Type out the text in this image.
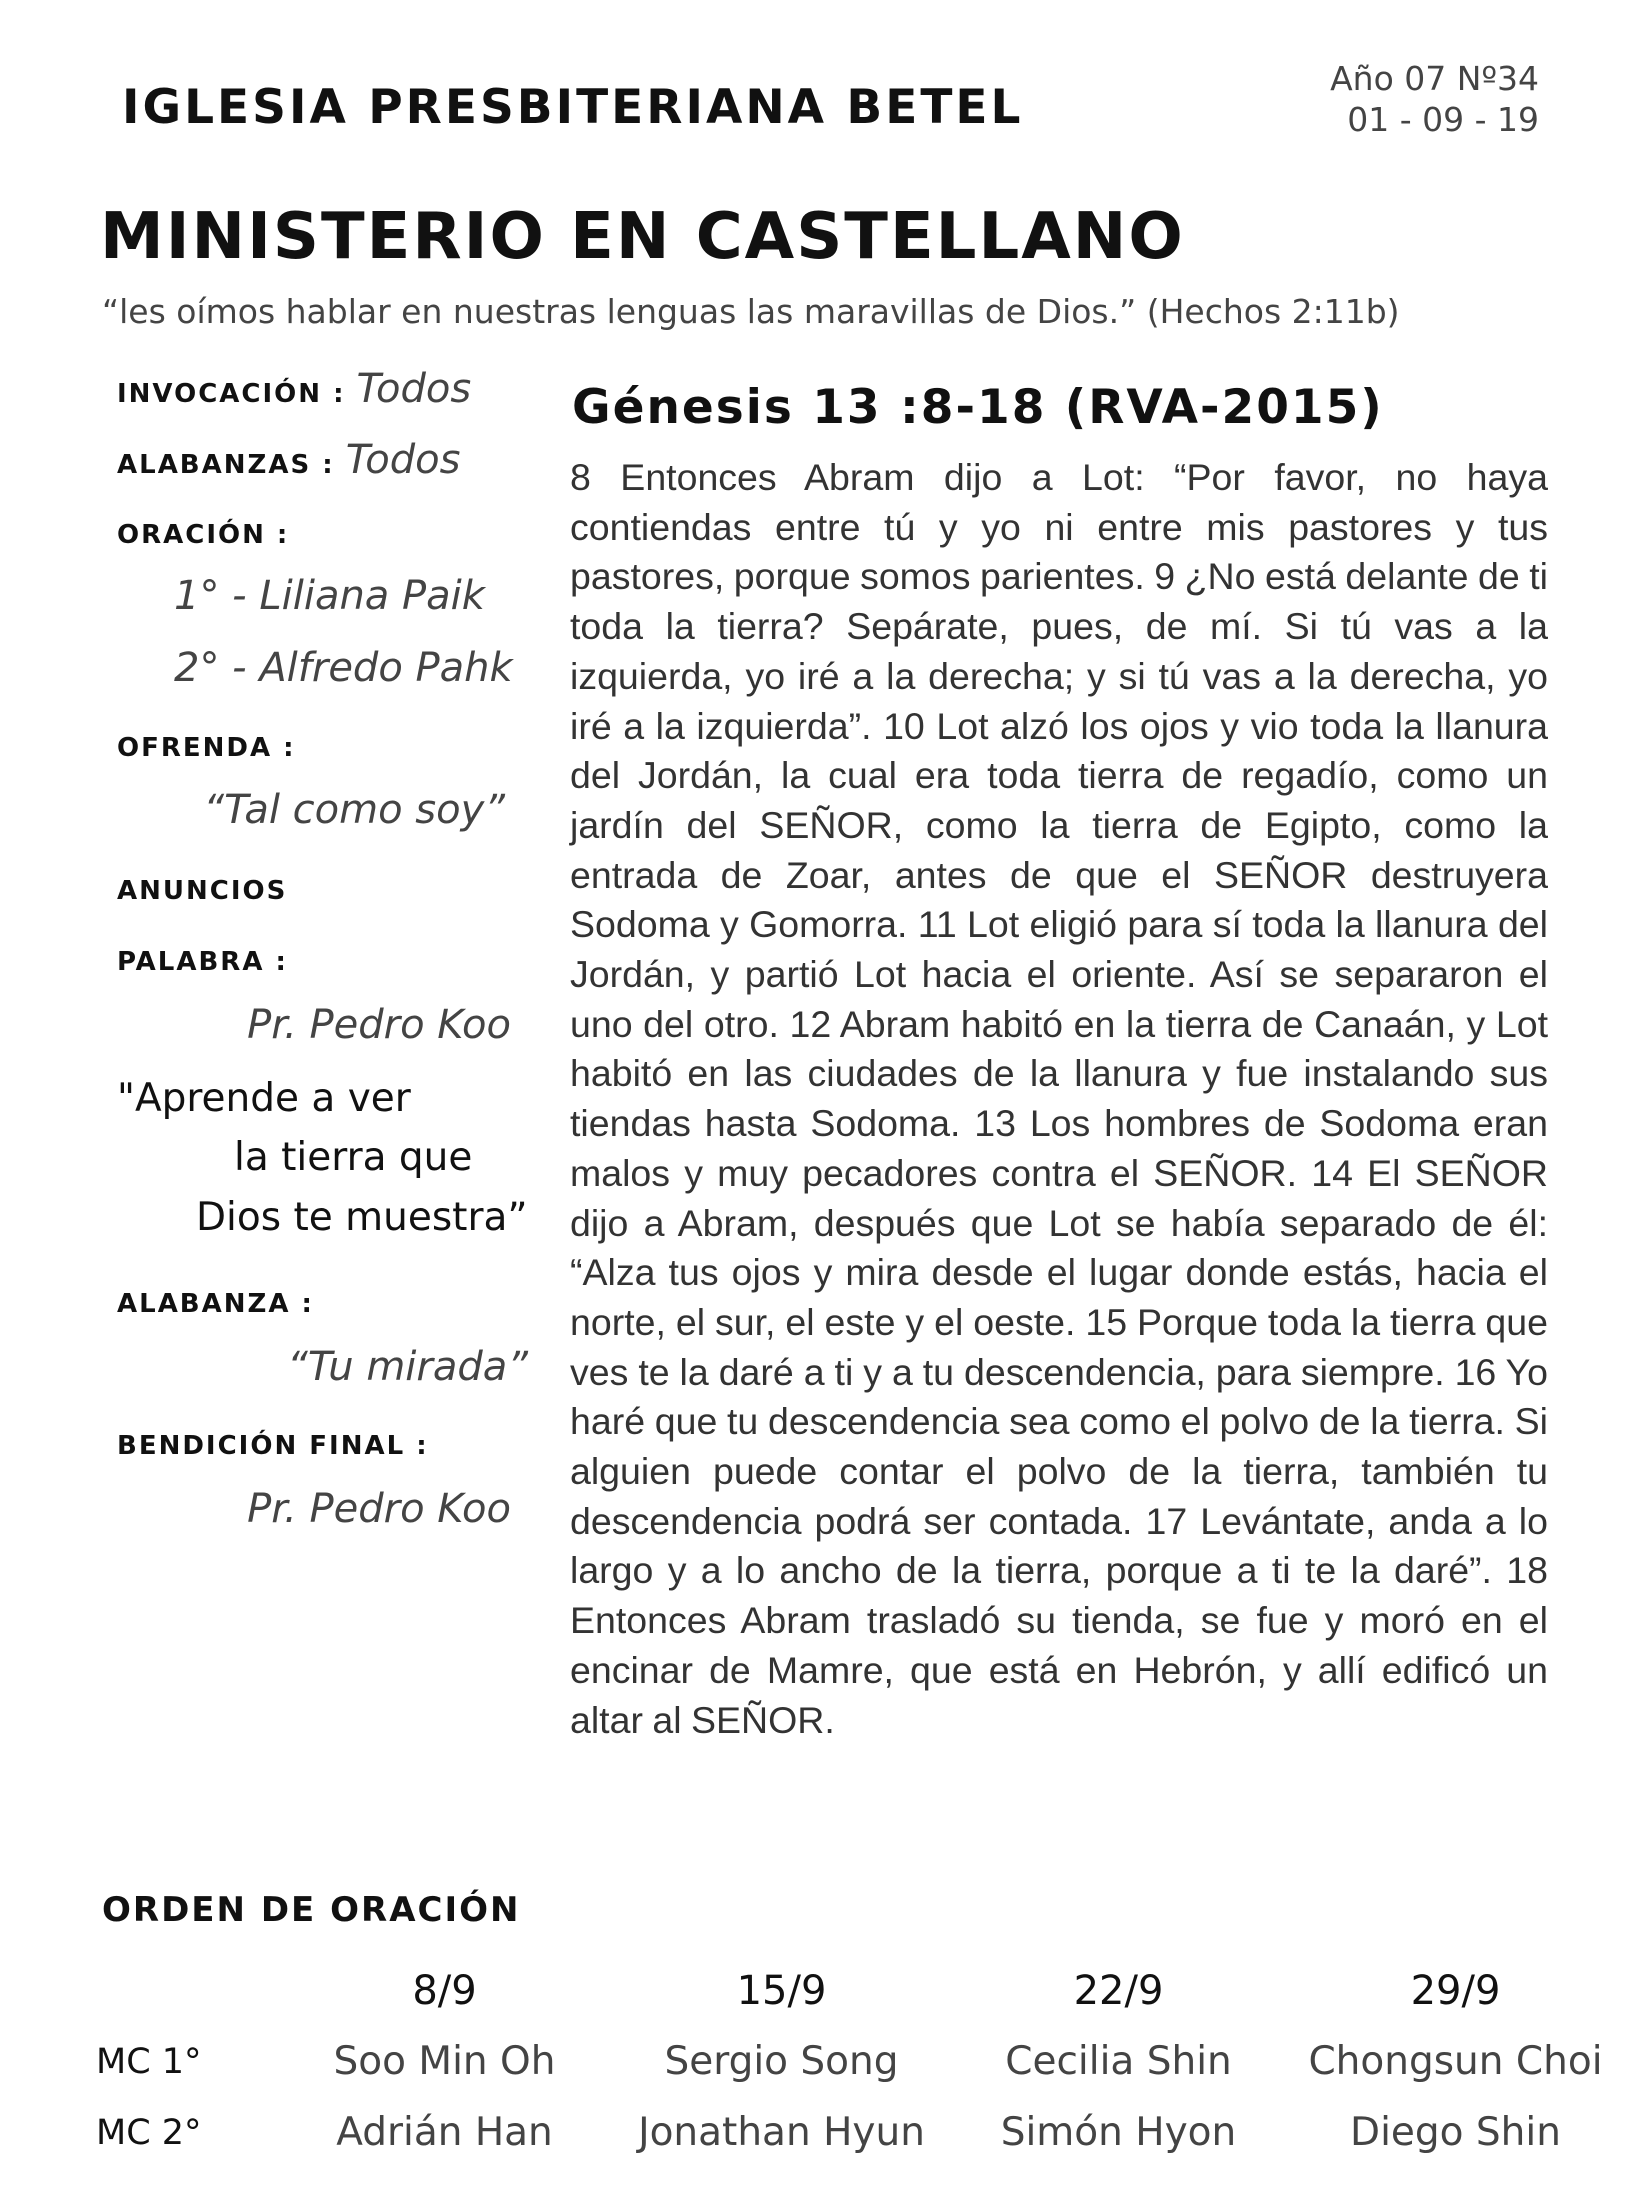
IGLESIA PRESBITERIANA BETEL
Año 07 Nº34
01 - 09 - 19
MINISTERIO EN CASTELLANO
“les oímos hablar en nuestras lenguas las maravillas de Dios.” (Hechos 2:11b)
INVOCACIÓN : Todos
ALABANZAS : Todos
ORACIÓN :
1° - Liliana Paik
2° - Alfredo Pahk
OFRENDA :
“Tal como soy”
ANUNCIOS
PALABRA :
Pr. Pedro Koo
"Aprende a ver
la tierra que
Dios te muestra”
ALABANZA :
“Tu mirada”
BENDICIÓN FINAL :
Pr. Pedro Koo
Génesis 13 :8-18 (RVA-2015)

8 Entonces Abram dijo a Lot: “Por favor, no haya contiendas entre tú y yo ni entre mis pastores y tus pastores, porque somos parientes. 9 ¿No está delante de ti toda la tierra? Sepárate, pues, de mí. Si tú vas a la izquierda, yo iré a la derecha; y si tú vas a la derecha, yo iré a la izquierda”. 10 Lot alzó los ojos y vio toda la llanura del Jordán, la cual era toda tierra de regadío, como un jardín del SEÑOR, como la tierra de Egipto, como la entrada de Zoar, antes de que el SEÑOR destruyera Sodoma y Gomorra. 11 Lot eligió para sí toda la llanura del Jordán, y partió Lot hacia el oriente. Así se separaron el uno del otro. 12 Abram habitó en la tierra de Canaán, y Lot habitó en las ciudades de la llanura y fue instalando sus tiendas hasta Sodoma. 13 Los hombres de Sodoma eran malos y muy pecadores contra el SEÑOR. 14 El SEÑOR dijo a Abram, después que Lot se había separado de él: “Alza tus ojos y mira desde el lugar donde estás, hacia el norte, el sur, el este y el oeste. 15 Porque toda la tierra que ves te la daré a ti y a tu descendencia, para siempre. 16 Yo haré que tu descendencia sea como el polvo de la tierra. Si alguien puede contar el polvo de la tierra, también tu descendencia podrá ser contada. 17 Levántate, anda a lo largo y a lo ancho de la tierra, porque a ti te la daré”. 18 Entonces Abram trasladó su tienda, se fue y moró en el encinar de Mamre, que está en Hebrón, y allí edificó un altar al SEÑOR.

ORDEN DE ORACIÓN
	8/9	15/9	22/9	29/9
MC 1°	Soo Min Oh	Sergio Song	Cecilia Shin	Chongsun Choi
MC 2°	Adrián Han	Jonathan Hyun	Simón Hyon	Diego Shin
